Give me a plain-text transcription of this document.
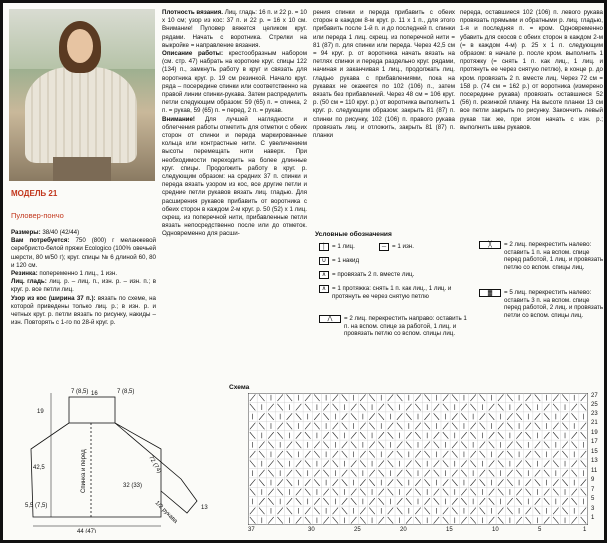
МОДЕЛЬ 21
Пуловер-пончо

Размеры: 38/40 (42/44)

Вам потребуется: 750 (800) г меланжевой серебристо-белой пряжи Ecologico (100% овечьей шерсти, 80 м/50 г); круг. спицы № 6 длиной 60, 80 и 120 см.

Резинка: попеременно 1 лиц., 1 изн.

Лиц. гладь: лиц. р. – лиц. п., изн. р. – изн. п.; в круг. р. все петли лиц.

Узор из кос (ширина 37 п.): вязать по схеме, на которой приведены только лиц. р.; в изн. р. и четных круг. р. петли вязать по рисунку, накиды – изн. Повторять с 1-го по 28-й круг. р.

Плотность вязания. Лиц. гладь: 16 п. и 22 р. = 10 х 10 см; узор из кос: 37 п. и 22 р. = 16 х 10 см. Внимание! Пуловер вяжется целиком круг. рядами. Начать с воротника. Стрелки на выкройке = направление вязания.

Описание работы: крестообразным набором (см. стр. 47) набрать на короткие круг. спицы 122 (134) п., замкнуть работу в круг и связать для воротника круг. р. 19 см резинкой. Начало круг. ряда – посередине спинки или соответственно на правой линии спинки-рукава. Затем распределить петли следующим образом: 59 (65) п. = спинка, 2 п. = рукав, 59 (65) п. = перед, 2 п. = рукав.

Внимание! Для лучшей наглядности и облегчения работы отметить для отметки с обеих сторон от спинки и переда маркированные кольца или контрастные нити. С увеличением высоты перемещать нити наверх. При необходимости переходить на более длинные круг. спицы. Продолжить работу в круг. р. следующим образом: на средних 37 п. спинки и переда вязать узором из кос, все другие петли и средние петли рукавов вязать лиц. гладью. Для расширения рукавов прибавить от воротника с обеих сторон в каждом 2-м круг. р. 50 (52) х 1 лиц. скрещ. из поперечной нити, прибавленные петли вязать непосредственно после или до отметок. Одновременно для расши-

рения спинки и переда прибавить с обеих сторон в каждом 8-м круг. р. 11 х 1 п., для этого прибавить после 1-й п. и до последней п. спинки или переда 1 лиц. скрещ. из поперечной нити = 81 (87) п. для спинки или переда. Через 42,5 см = 94 круг. р. от воротника начать вязать на петлях спинки и переда раздельно круг. рядами, начиная и заканчивая 1 лиц., продолжать лиц. гладью рукава с прибавлениями, пока на рукавах не окажется по 102 (106) п., затем вязать без прибавлений. Через 48 см = 106 круг. р. (50 см = 110 круг. р.) от воротника выполнить 1 круг. р. следующим образом: закрыть 81 (87) п. спинки по рисунку, 102 (106) п. правого рукава провязать лиц. и отложить, закрыть 81 (87) п. планки

переда, оставшиеся 102 (106) п. левого рукава провязать прямыми и обратными р. лиц. гладью, 1-я и последняя п. = кром. Одновременно убавить для скосов с обеих сторон в каждом 2-м (= в каждом 4-м) р. 25 х 1 п. следующим образом: в начале р. после кром. выполнить 1 протяжку (= снять 1 п. как лиц., 1 лиц. и протянуть ее через снятую петлю), в конце р. до кром. провязать 2 п. вместе лиц. Через 72 см = 158 р. (74 см = 162 р.) от воротника (измерено посередине рукава) провязать оставшиеся 52 (56) п. резинкой планку. На высоте планки 13 см все петли закрыть по рисунку. Закончить левый рукав так же, при этом начать с изн. р.; выполнить швы рукавов.

Условные обозначения
│ = 1 лиц.	─ = 1 изн.
∪ = 1 накид
∧ = провязать 2 п. вместе лиц.
∧ = 1 протяжка: снять 1 п. как лиц., 1 лиц. и протянуть ее через снятую петлю
⋀	= 2 лиц. перекрестить направо: оставить 1 п. на вспом. спице за работой, 1 лиц. и провязать петлю со вспом. спицы лиц.
╳	= 2 лиц. перекрестить налево: оставить 1 п. на вспом. спице перед работой, 1 лиц. и провязать петлю со вспом. спицы лиц.
▓	= 5 лиц. перекрестить налево: оставить 3 п. на вспом. спице перед работой, 2 лиц. и провязать петли со вспом. спицы лиц.
7 (8,5) 16	7 (8,5)
19
42,5
5,5 (7,5)
44 (47)
Спинка и перед	72 (74)
32 (33)
1/2 рукава	13
Схема
27
25
23
21
19
17
15
13
11
9
7
5
3
1
1
5
10
15
20
25
30
37
